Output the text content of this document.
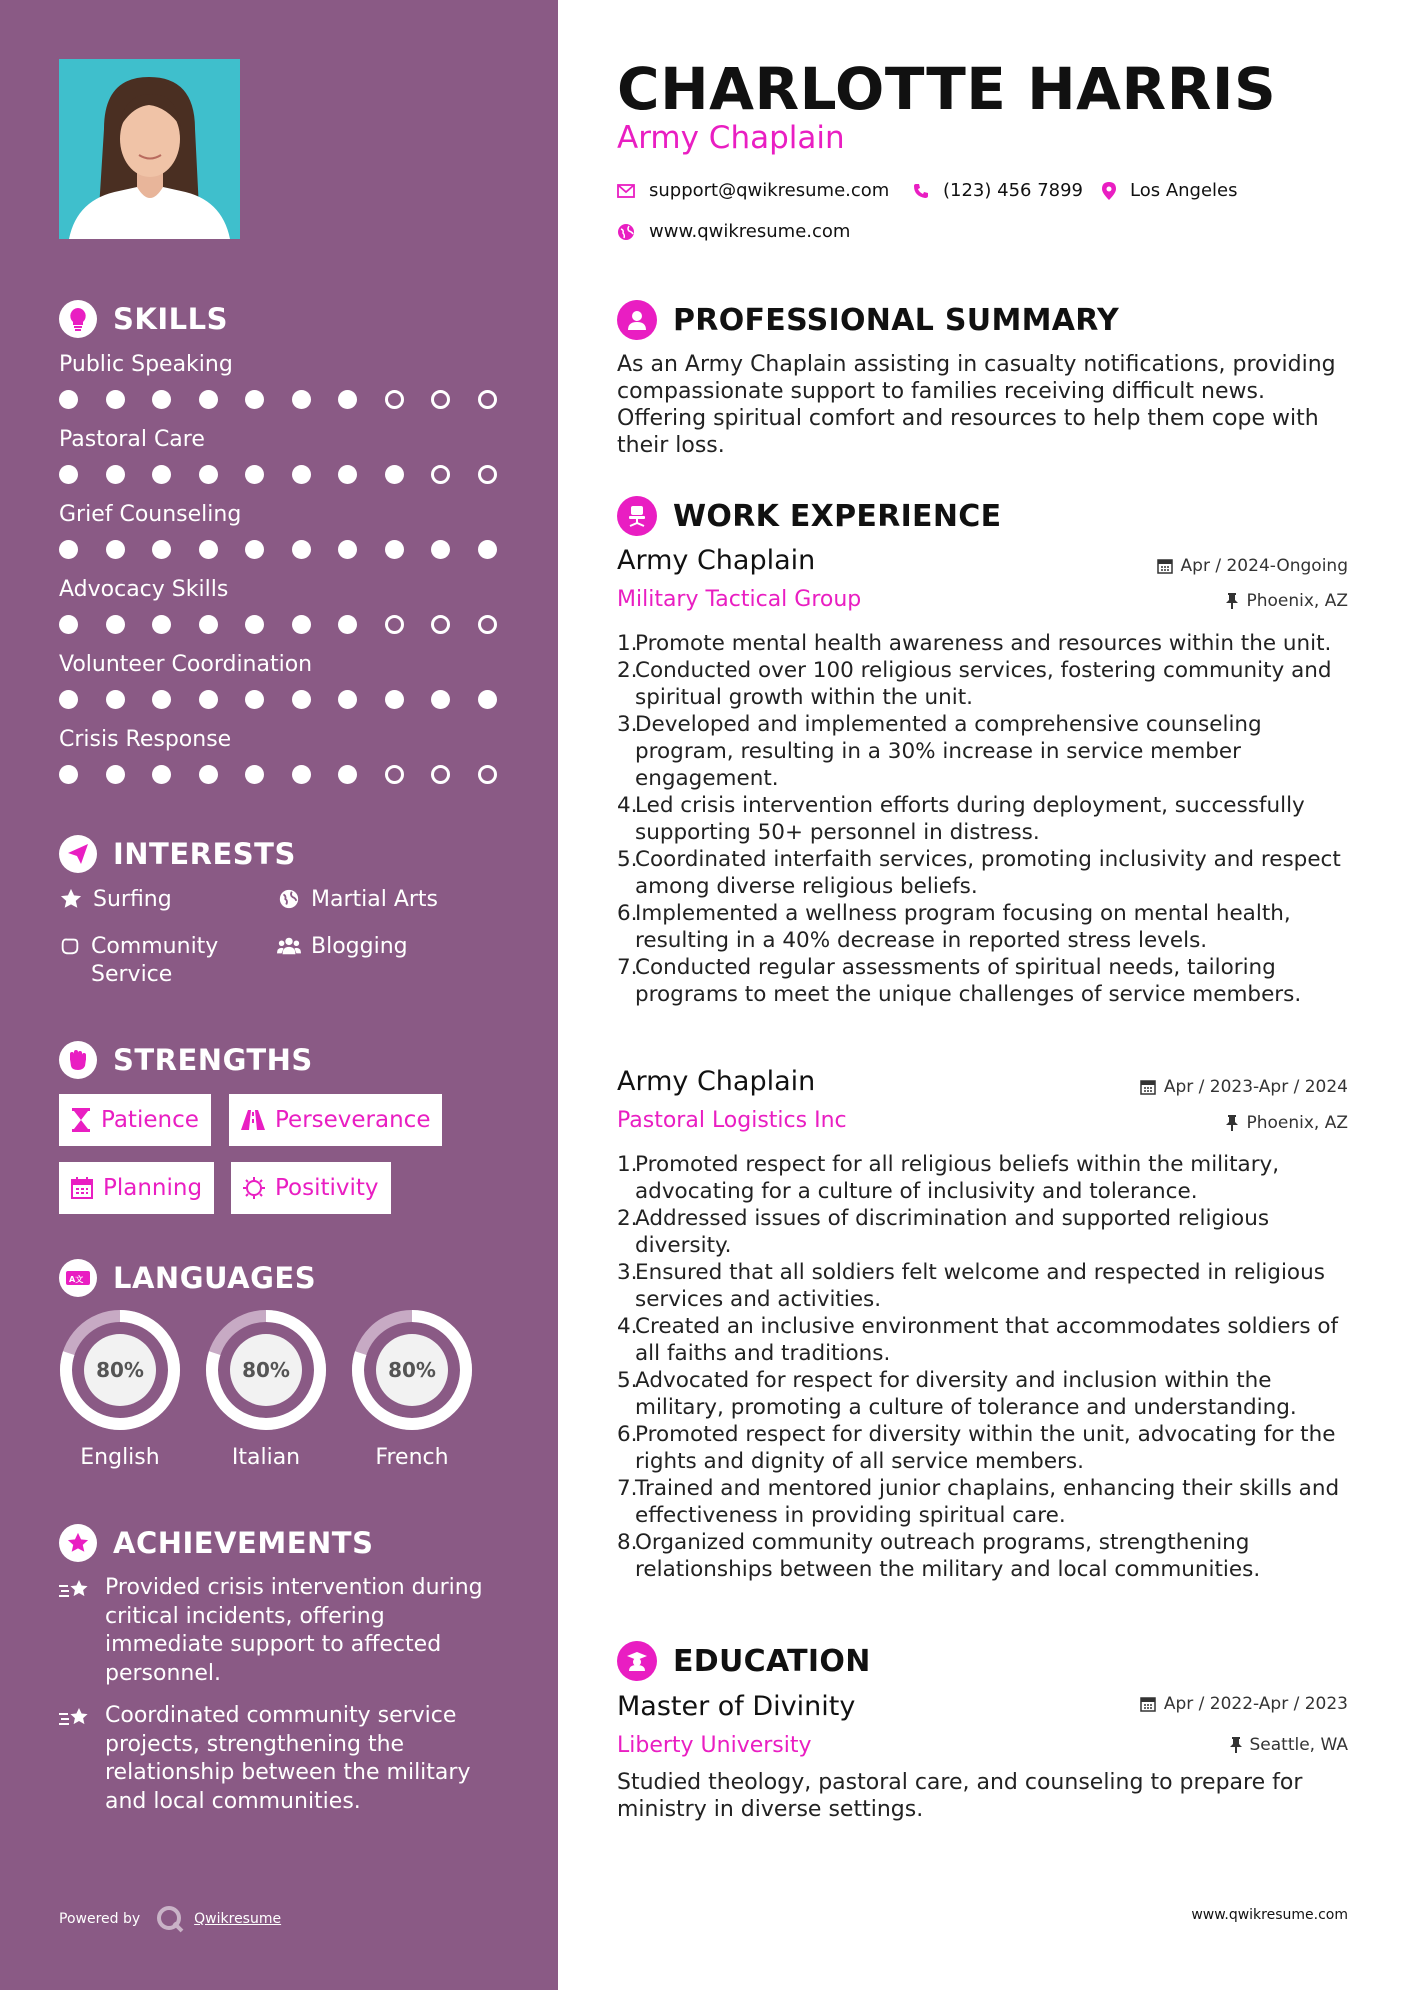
SKILLS
Public Speaking
Pastoral Care
Grief Counseling
Advocacy Skills
Volunteer Coordination
Crisis Response
INTERESTS
Surfing	Martial Arts
Community Service
Blogging
STRENGTHS
Patience	Perseverance
Planning	Positivity
A文 LANGUAGES
80%
English
80%
Italian
80%
French
ACHIEVEMENTS
Provided crisis intervention during critical incidents, offering immediate support to affected personnel.
Coordinated community service projects, strengthening the relationship between the military and local communities.
Powered by	Qwikresume
CHARLOTTE HARRIS
Army Chaplain
support@qwikresume.com	(123) 456 7899	Los Angeles
www.qwikresume.com
PROFESSIONAL SUMMARY
As an Army Chaplain assisting in casualty notifications, providing compassionate support to families receiving difficult news. Offering spiritual comfort and resources to help them cope with their loss.
WORK EXPERIENCE
Army Chaplain	Apr / 2024-Ongoing
Military Tactical Group	Phoenix, AZ
1.
Promote mental health awareness and resources within the unit.
2.
Conducted over 100 religious services, fostering community and spiritual growth within the unit.
3.
Developed and implemented a comprehensive counseling program, resulting in a 30% increase in service member engagement.
4.
Led crisis intervention efforts during deployment, successfully supporting 50+ personnel in distress.
5.
Coordinated interfaith services, promoting inclusivity and respect among diverse religious beliefs.
6.
Implemented a wellness program focusing on mental health, resulting in a 40% decrease in reported stress levels.
7.
Conducted regular assessments of spiritual needs, tailoring programs to meet the unique challenges of service members.
Army Chaplain	Apr / 2023-Apr / 2024
Pastoral Logistics Inc	Phoenix, AZ
1.
Promoted respect for all religious beliefs within the military, advocating for a culture of inclusivity and tolerance.
2.
Addressed issues of discrimination and supported religious diversity.
3.
Ensured that all soldiers felt welcome and respected in religious services and activities.
4.
Created an inclusive environment that accommodates soldiers of all faiths and traditions.
5.
Advocated for respect for diversity and inclusion within the military, promoting a culture of tolerance and understanding.
6.
Promoted respect for diversity within the unit, advocating for the rights and dignity of all service members.
7.
Trained and mentored junior chaplains, enhancing their skills and effectiveness in providing spiritual care.
8.
Organized community outreach programs, strengthening relationships between the military and local communities.
EDUCATION
Master of Divinity	Apr / 2022-Apr / 2023
Liberty University	Seattle, WA
Studied theology, pastoral care, and counseling to prepare for ministry in diverse settings.
www.qwikresume.com
